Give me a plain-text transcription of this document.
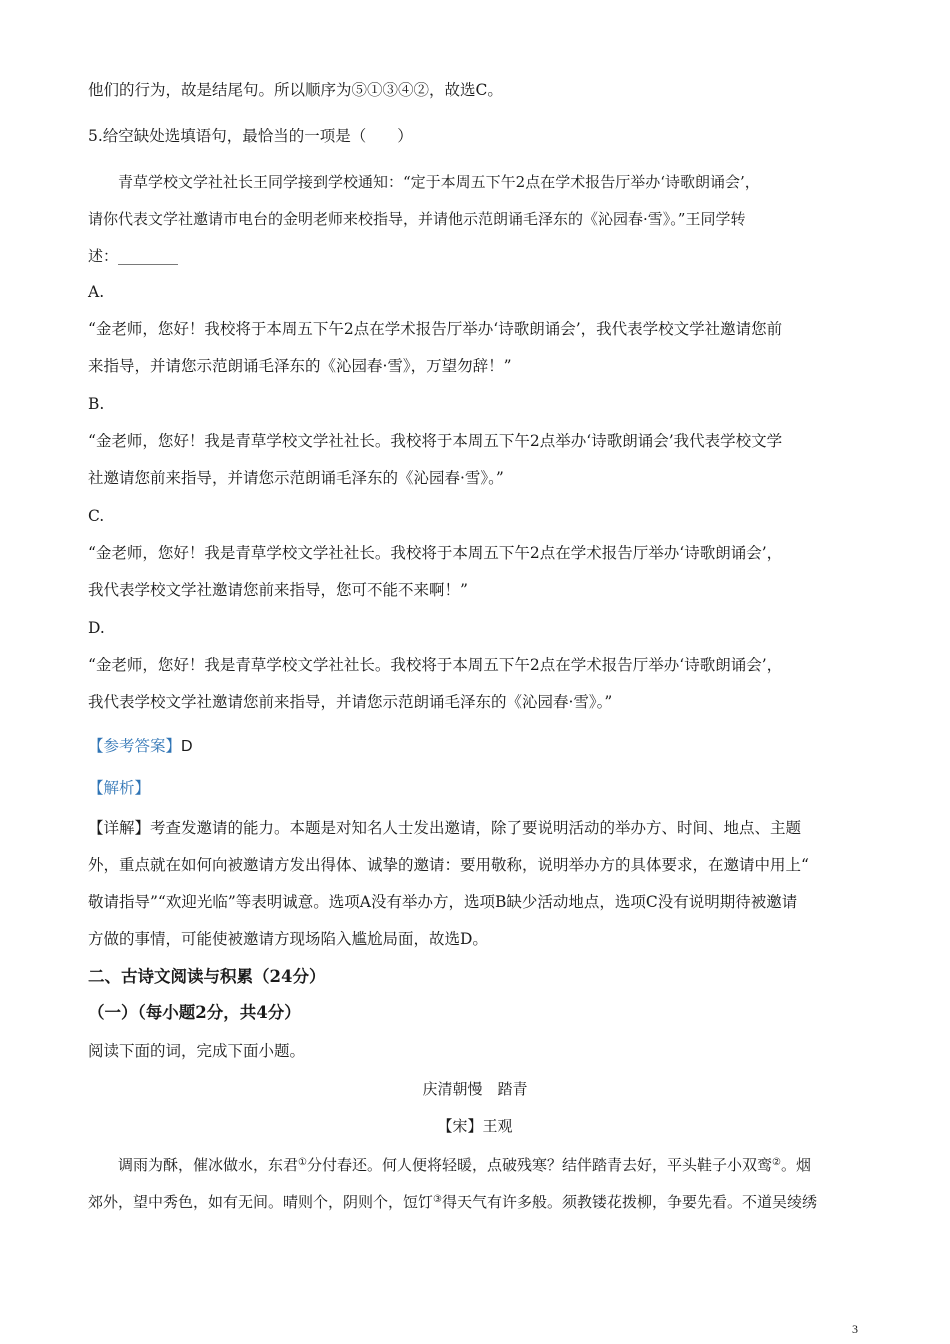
他们的行为，故是结尾句。所以顺序为⑤①③④②，故选C。
5.给空缺处选填语句，最恰当的一项是（　　）
青草学校文学社社长王同学接到学校通知：“定于本周五下午2点在学术报告厅举办‘诗歌朗诵会’，
请你代表文学社邀请市电台的金明老师来校指导，并请他示范朗诵毛泽东的《沁园春·雪》。”王同学转
述：________
A.
“金老师，您好！我校将于本周五下午2点在学术报告厅举办‘诗歌朗诵会’，我代表学校文学社邀请您前
来指导，并请您示范朗诵毛泽东的《沁园春·雪》，万望勿辞！”
B.
“金老师，您好！我是青草学校文学社社长。我校将于本周五下午2点举办‘诗歌朗诵会’我代表学校文学
社邀请您前来指导，并请您示范朗诵毛泽东的《沁园春·雪》。”
C.
“金老师，您好！我是青草学校文学社社长。我校将于本周五下午2点在学术报告厅举办‘诗歌朗诵会’，
我代表学校文学社邀请您前来指导，您可不能不来啊！”
D.
“金老师，您好！我是青草学校文学社社长。我校将于本周五下午2点在学术报告厅举办‘诗歌朗诵会’，
我代表学校文学社邀请您前来指导，并请您示范朗诵毛泽东的《沁园春·雪》。”
【参考答案】D
【解析】
【详解】考查发邀请的能力。本题是对知名人士发出邀请，除了要说明活动的举办方、时间、地点、主题
外，重点就在如何向被邀请方发出得体、诚挚的邀请：要用敬称，说明举办方的具体要求，在邀请中用上“
敬请指导”“欢迎光临”等表明诚意。选项A没有举办方，选项B缺少活动地点，选项C没有说明期待被邀请
方做的事情，可能使被邀请方现场陷入尴尬局面，故选D。
二、古诗文阅读与积累（24分）
（一）（每小题2分，共4分）
阅读下面的词，完成下面小题。
庆清朝慢　踏青
【宋】王观
调雨为酥，催冰做水，东君①分付春还。何人便将轻暖，点破残寒？结伴踏青去好，平头鞋子小双鸾②。烟
郊外，望中秀色，如有无间。晴则个，阴则个，饾饤③得天气有许多般。须教镂花拨柳，争要先看。不道吴绫绣
3
